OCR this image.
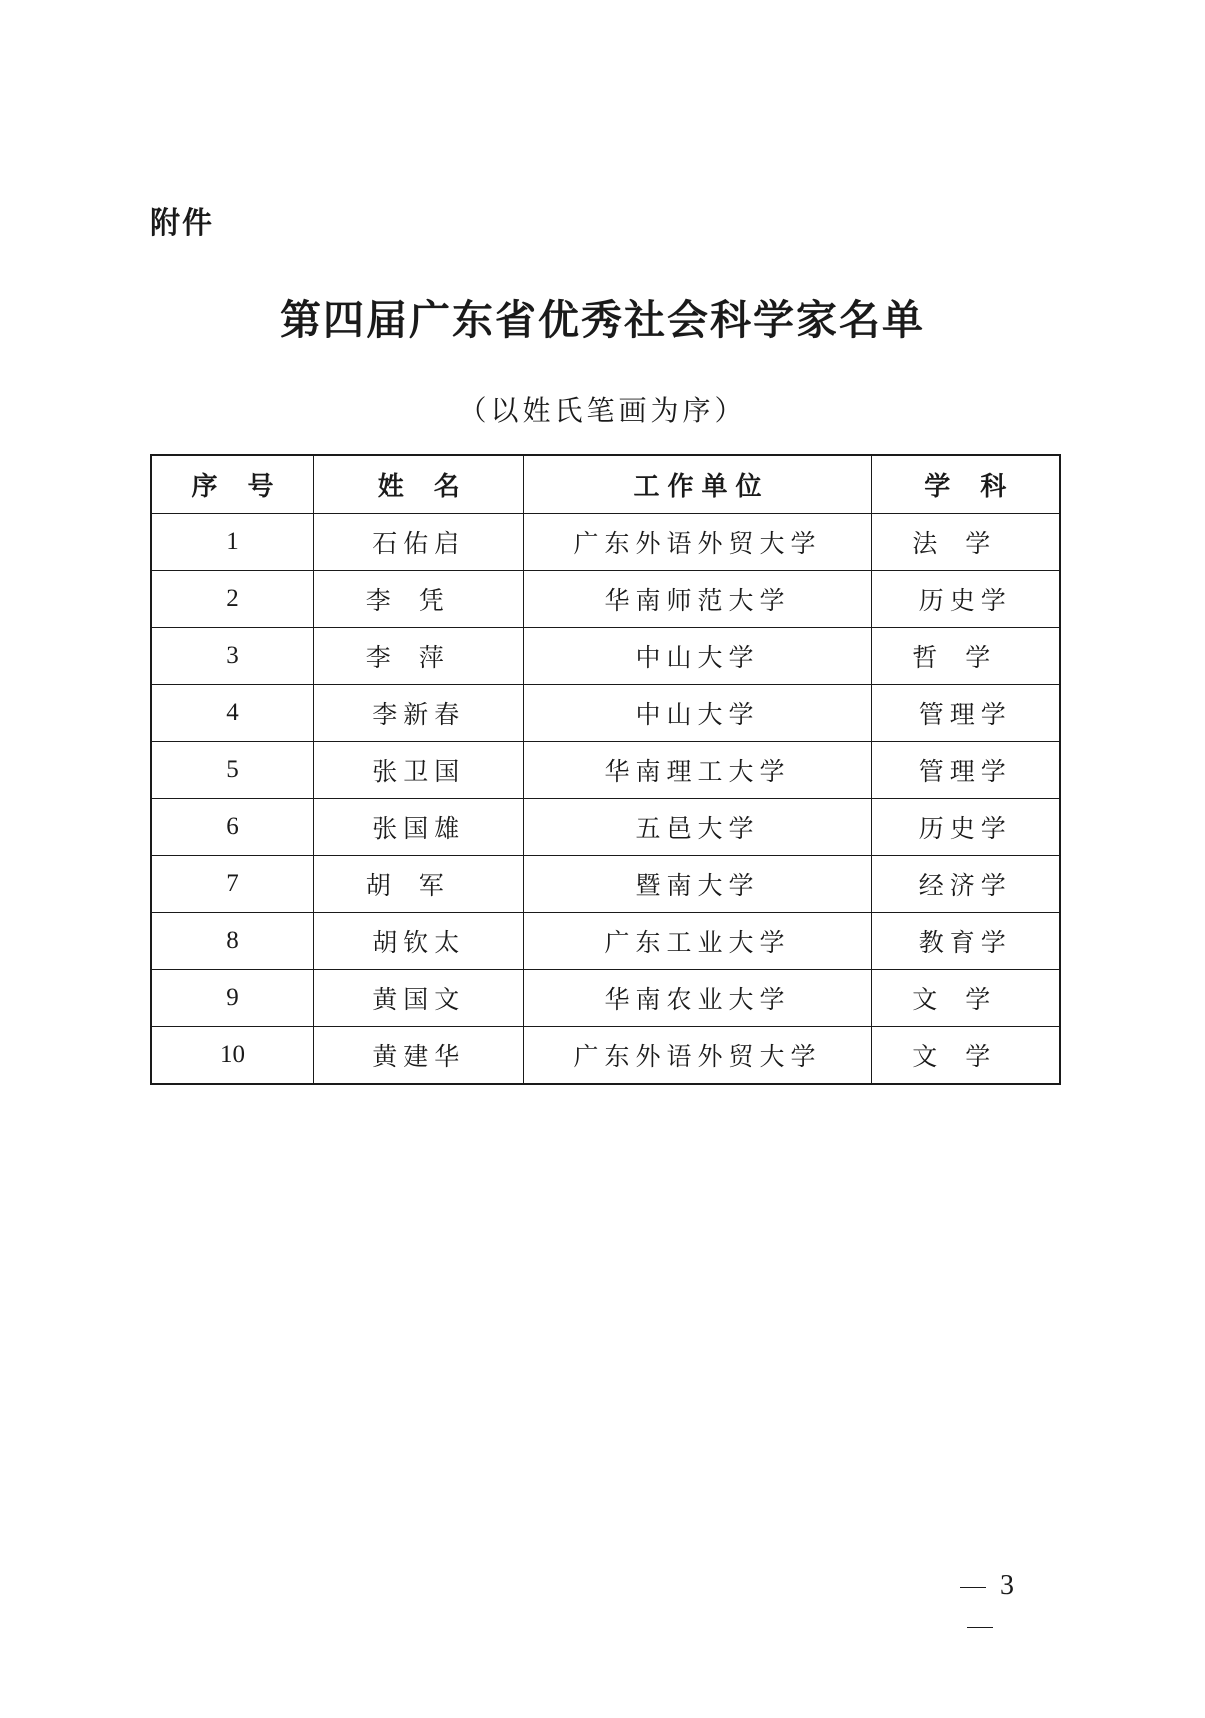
附件
第四届广东省优秀社会科学家名单
（以姓氏笔画为序）
序号	姓名	工作单位	学科
1	石佑启	广东外语外贸大学	法学
2	李凭	华南师范大学	历史学
3	李萍	中山大学	哲学
4	李新春	中山大学	管理学
5	张卫国	华南理工大学	管理学
6	张国雄	五邑大学	历史学
7	胡军	暨南大学	经济学
8	胡钦太	广东工业大学	教育学
9	黄国文	华南农业大学	文学
10	黄建华	广东外语外贸大学	文学
3
